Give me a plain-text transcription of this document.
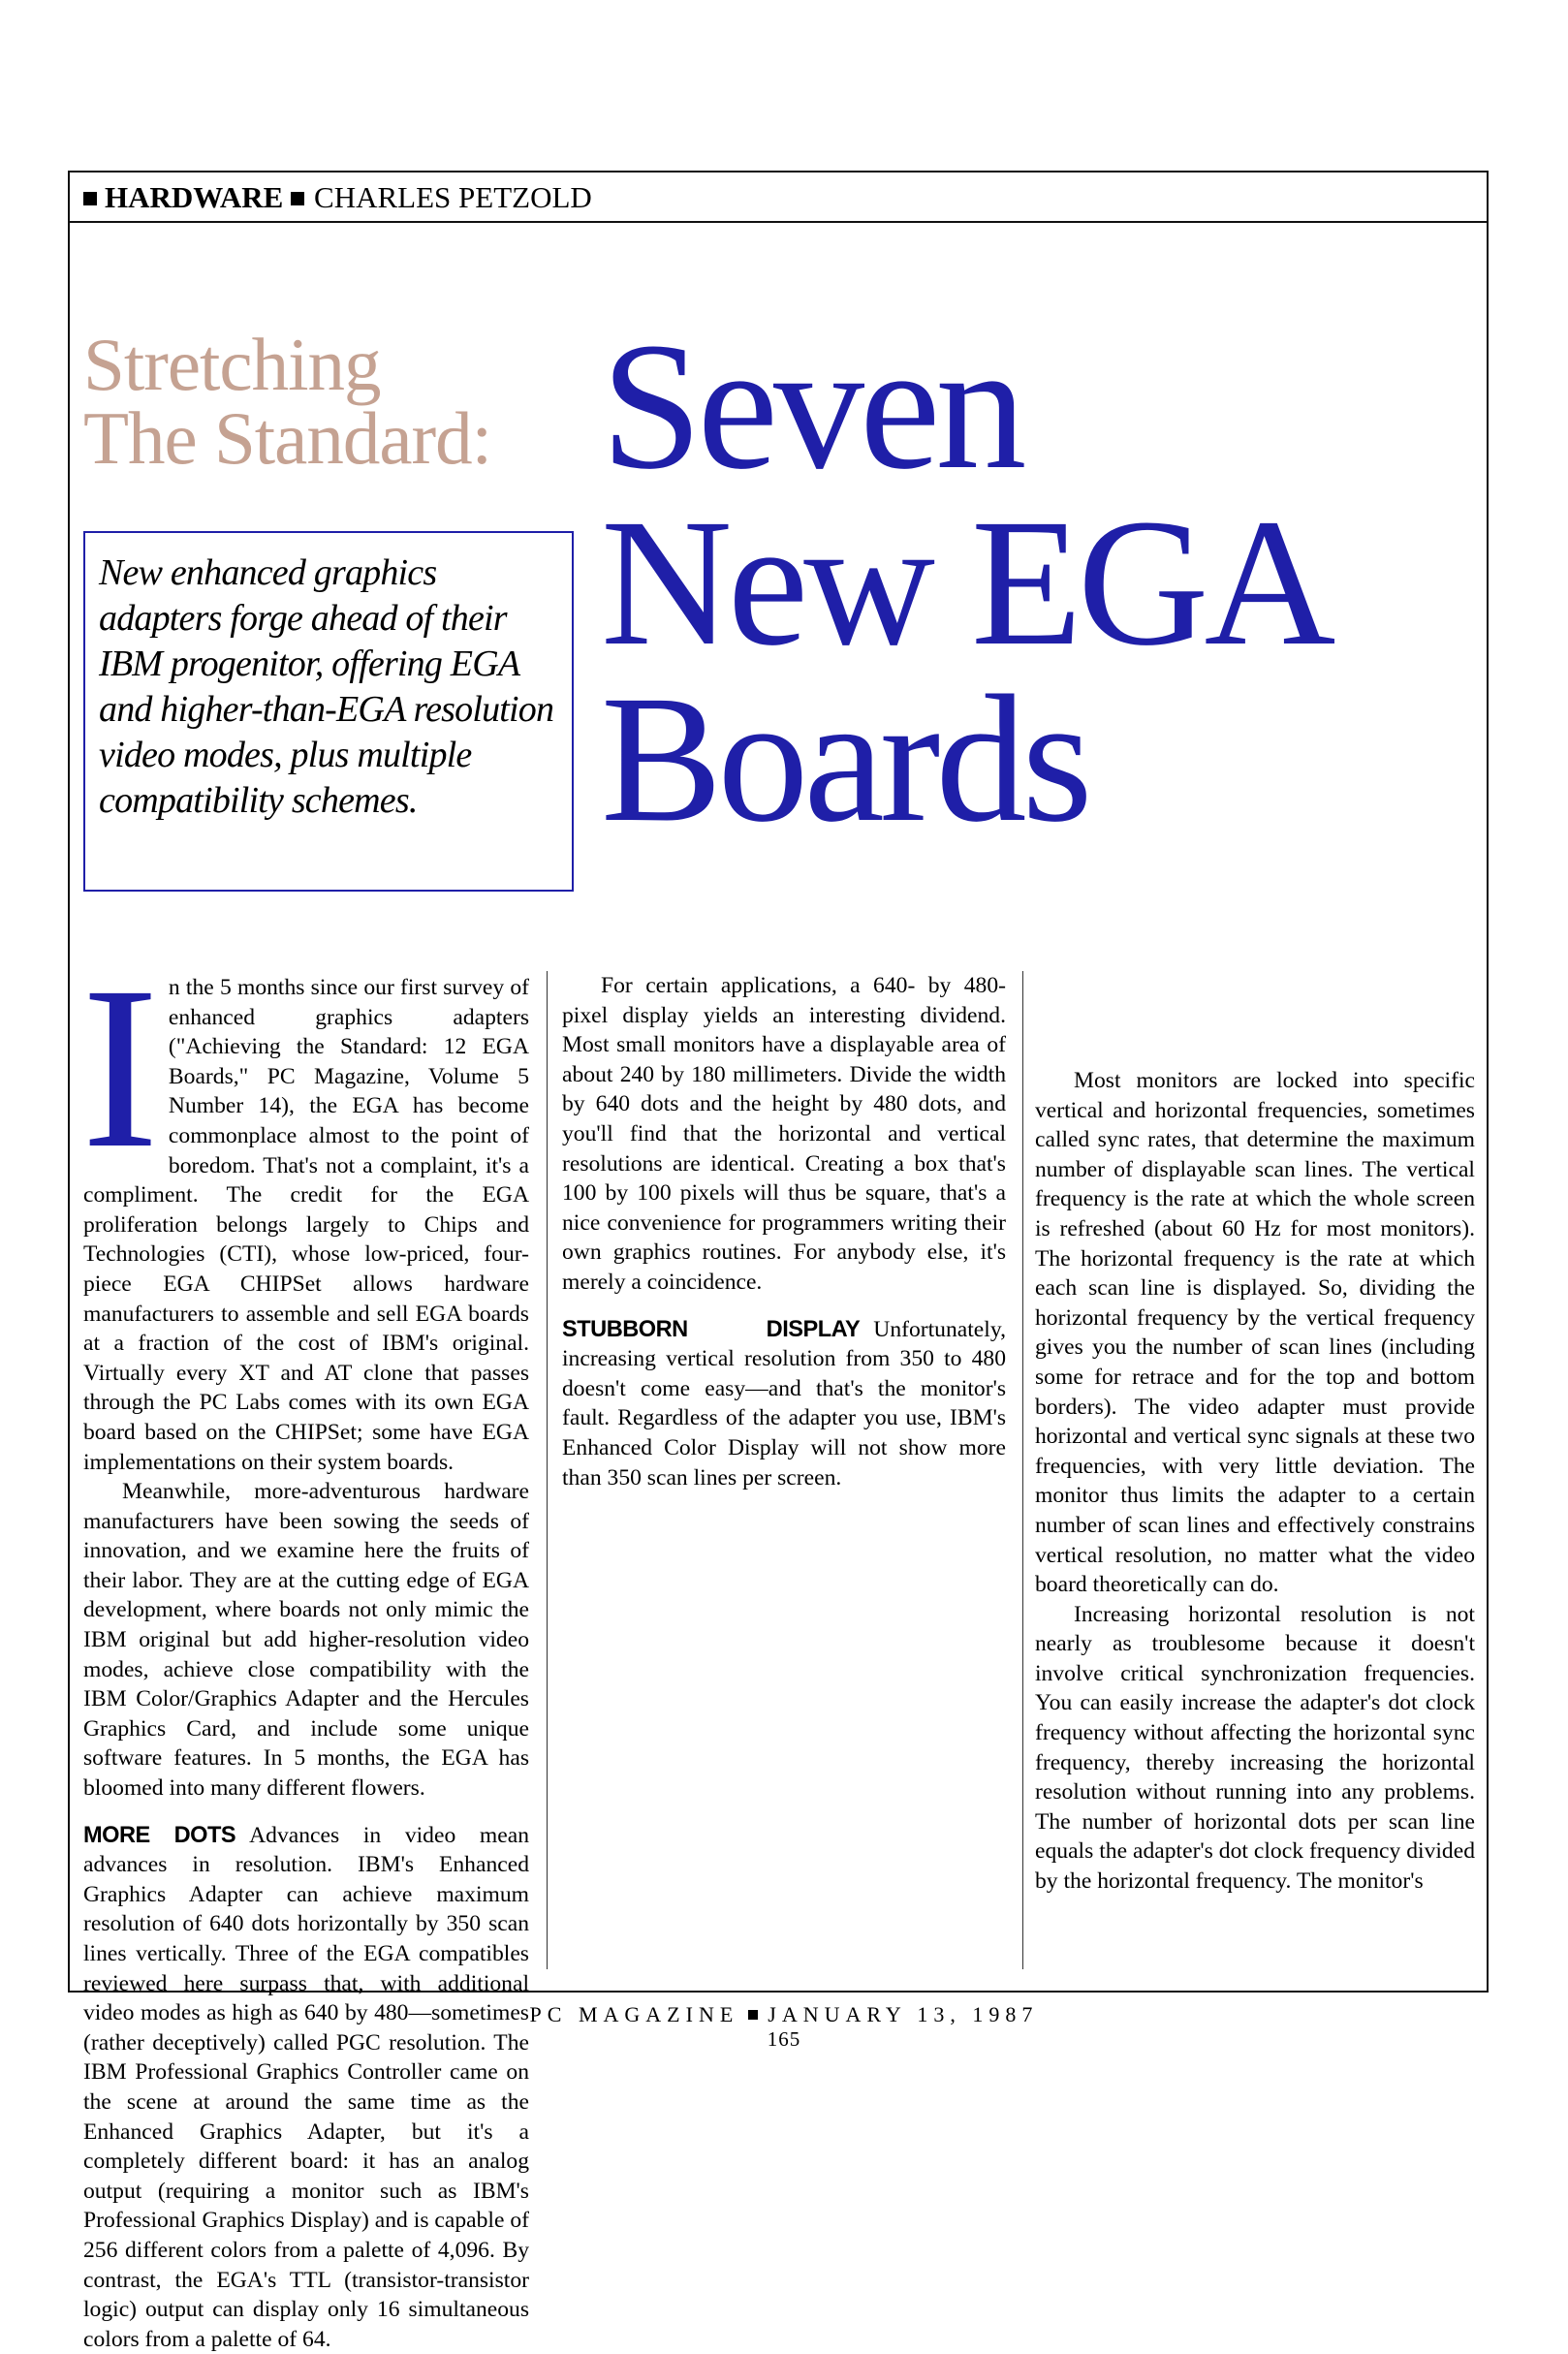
HARDWARE CHARLES PETZOLD
Stretching
The Standard: Seven
New EGA
Boards

New enhanced graphics adapters forge ahead of their IBM progenitor, offering EGA and higher-than-EGA resolution video modes, plus multiple compatibility schemes.

I n the 5 months since our first survey of enhanced graphics adapters ("Achieving the Standard: 12 EGA Boards," PC Magazine, Volume 5 Number 14), the EGA has become commonplace almost to the point of boredom. That's not a complaint, it's a compliment. The credit for the EGA proliferation belongs largely to Chips and Technologies (CTI), whose low-priced, four-piece EGA CHIPSet allows hardware manufacturers to assemble and sell EGA boards at a fraction of the cost of IBM's original. Virtually every XT and AT clone that passes through the PC Labs comes with its own EGA board based on the CHIPSet; some have EGA implementations on their system boards.

Meanwhile, more-adventurous hardware manufacturers have been sowing the seeds of innovation, and we examine here the fruits of their labor. They are at the cutting edge of EGA development, where boards not only mimic the IBM original but add higher-resolution video modes, achieve close compatibility with the IBM Color/Graphics Adapter and the Hercules Graphics Card, and include some unique software features. In 5 months, the EGA has bloomed into many different flowers.

MORE DOTS Advances in video mean advances in resolution. IBM's Enhanced Graphics Adapter can achieve maximum resolution of 640 dots horizontally by 350 scan lines vertically. Three of the EGA compatibles reviewed here surpass that, with additional video modes as high as 640 by 480—sometimes (rather deceptively) called PGC resolution. The IBM Professional Graphics Controller came on the scene at around the same time as the Enhanced Graphics Adapter, but it's a completely different board: it has an analog output (requiring a monitor such as IBM's Professional Graphics Display) and is capable of 256 different colors from a palette of 4,096. By contrast, the EGA's TTL (transistor-transistor logic) output can display only 16 simultaneous colors from a palette of 64.

For certain applications, a 640- by 480-pixel display yields an interesting dividend. Most small monitors have a displayable area of about 240 by 180 millimeters. Divide the width by 640 dots and the height by 480 dots, and you'll find that the horizontal and vertical resolutions are identical. Creating a box that's 100 by 100 pixels will thus be square, that's a nice convenience for programmers writing their own graphics routines. For anybody else, it's merely a coincidence.

STUBBORN DISPLAY Unfortunately, increasing vertical resolution from 350 to 480 doesn't come easy—and that's the monitor's fault. Regardless of the adapter you use, IBM's Enhanced Color Display will not show more than 350 scan lines per screen.

Most monitors are locked into specific vertical and horizontal frequencies, sometimes called sync rates, that determine the maximum number of displayable scan lines. The vertical frequency is the rate at which the whole screen is refreshed (about 60 Hz for most monitors). The horizontal frequency is the rate at which each scan line is displayed. So, dividing the horizontal frequency by the vertical frequency gives you the number of scan lines (including some for retrace and for the top and bottom borders). The video adapter must provide horizontal and vertical sync signals at these two frequencies, with very little deviation. The monitor thus limits the adapter to a certain number of scan lines and effectively constrains vertical resolution, no matter what the video board theoretically can do.

Increasing horizontal resolution is not nearly as troublesome because it doesn't involve critical synchronization frequencies. You can easily increase the adapter's dot clock frequency without affecting the horizontal sync frequency, thereby increasing the horizontal resolution without running into any problems. The number of horizontal dots per scan line equals the adapter's dot clock frequency divided by the horizontal frequency. The monitor's

PC MAGAZINE JANUARY 13, 1987
165
